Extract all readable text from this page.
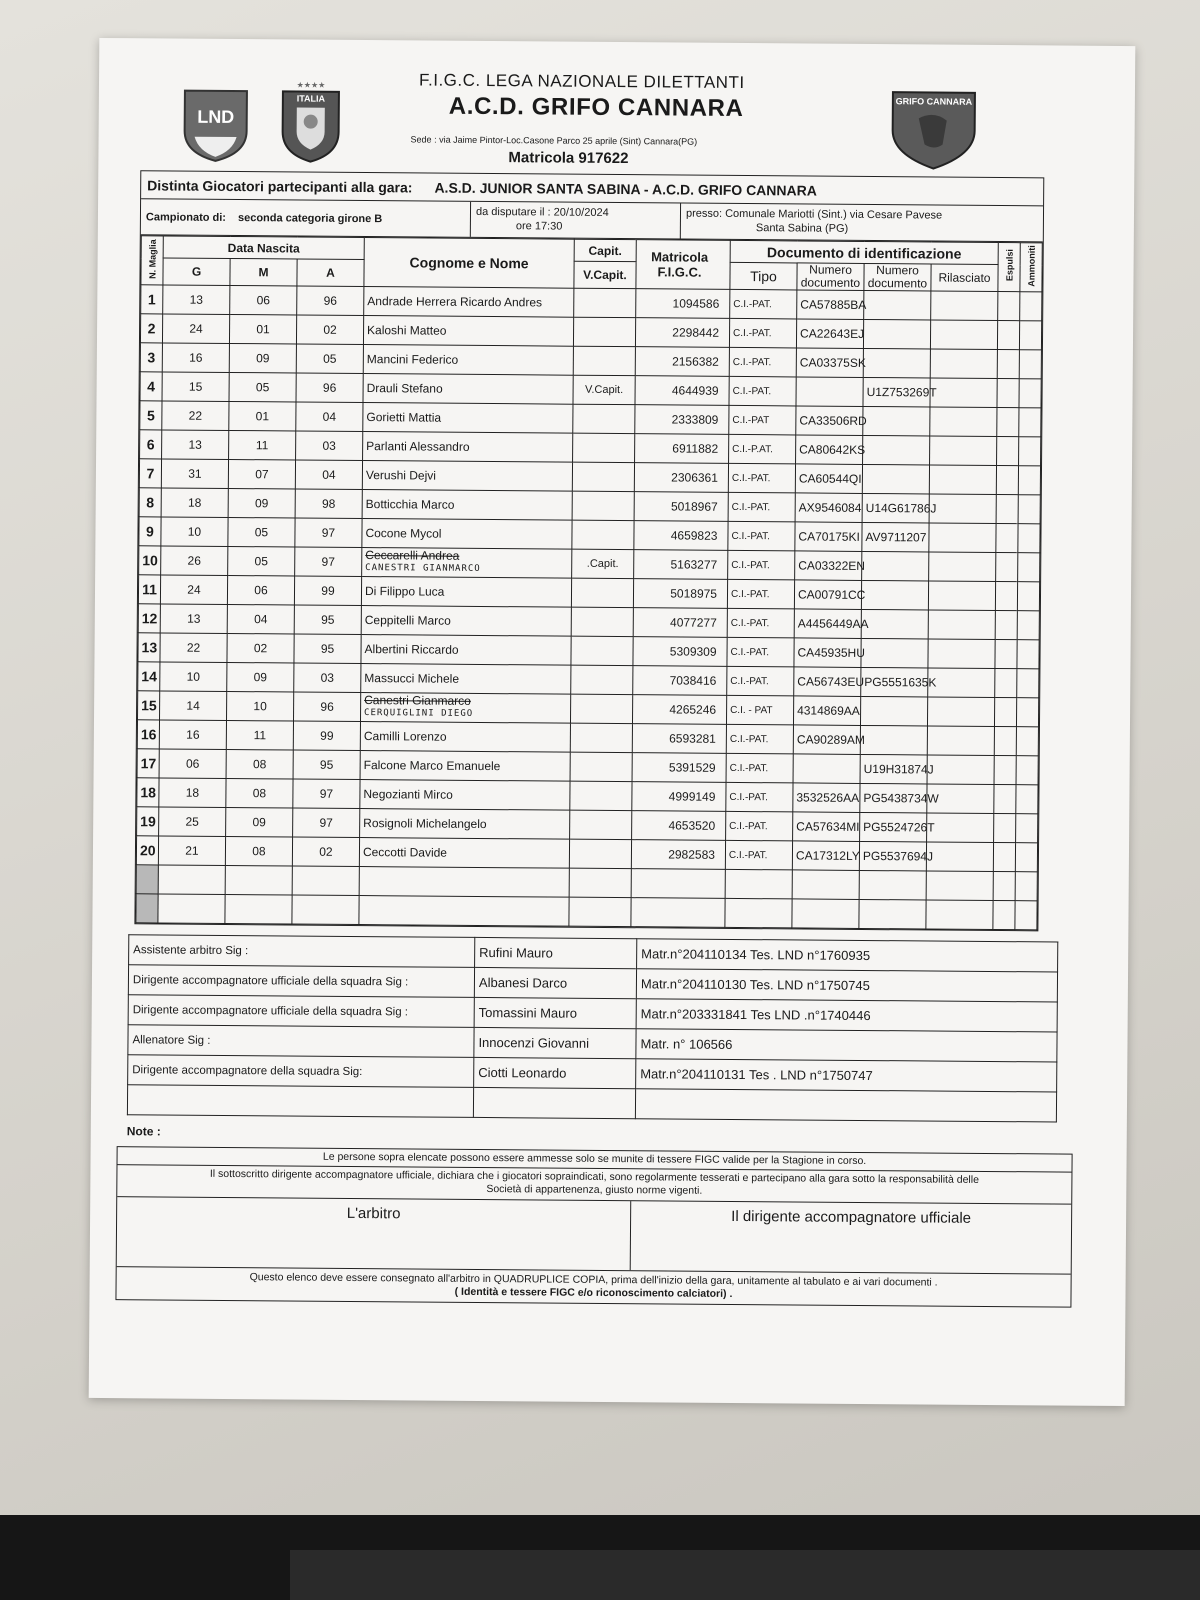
LND
ITALIA
★★★★
GRIFO CANNARA
F.I.G.C. LEGA NAZIONALE DILETTANTI
A.C.D. GRIFO CANNARA
Sede : via Jaime Pintor-Loc.Casone Parco 25 aprile (Sint) Cannara(PG)
Matricola 917622
Distinta Giocatori partecipanti alla gara: A.S.D. JUNIOR SANTA SABINA - A.C.D. GRIFO CANNARA
Campionato di: seconda categoria girone B	da disputare il : 20/10/2024
ore 17:30
presso: Comunale Mariotti (Sint.) via Cesare Pavese
Santa Sabina (PG)
N. Maglia	Data Nascita			Cognome e Nome	Capit.	Matricola F.I.G.C.	Documento di identificazione				Espulsi	Ammoniti
	G	M	A		V.Capit.		Tipo	Numero documento	Numero documento	Rilasciato		
1	13	06	96	Andrade Herrera Ricardo Andres		1094586	C.I.-PAT.	CA57885BA				
2	24	01	02	Kaloshi Matteo		2298442	C.I.-PAT.	CA22643EJ				
3	16	09	05	Mancini Federico		2156382	C.I.-PAT.	CA03375SK				
4	15	05	96	Drauli Stefano	V.Capit.	4644939	C.I.-PAT.		U1Z753269T			
5	22	01	04	Gorietti Mattia		2333809	C.I.-PAT	CA33506RD				
6	13	11	03	Parlanti Alessandro		6911882	C.I.-P.AT.	CA80642KS				
7	31	07	04	Verushi Dejvi		2306361	C.I.-PAT.	CA60544QI				
8	18	09	98	Botticchia Marco		5018967	C.I.-PAT.	AX9546084	U14G61786J			
9	10	05	97	Cocone Mycol		4659823	C.I.-PAT.	CA70175KI	AV9711207			
10	26	05	97	Ceccarelli Andrea
CANESTRI GIANMARCO	.Capit.	5163277	C.I.-PAT.	CA03322EN				
11	24	06	99	Di Filippo Luca		5018975	C.I.-PAT.	CA00791CC				
12	13	04	95	Ceppitelli Marco		4077277	C.I.-PAT.	A4456449AA				
13	22	02	95	Albertini Riccardo		5309309	C.I.-PAT.	CA45935HU				
14	10	09	03	Massucci Michele		7038416	C.I.-PAT.	CA56743EU	PG5551635K			
15	14	10	96	Canestri Gianmarco
CERQUIGLINI DIEGO		4265246	C.I. - PAT	4314869AA				
16	16	11	99	Camilli Lorenzo		6593281	C.I.-PAT.	CA90289AM				
17	06	08	95	Falcone Marco Emanuele		5391529	C.I.-PAT.		U19H31874J			
18	18	08	97	Negozianti Mirco		4999149	C.I.-PAT.	3532526AA	PG5438734W			
19	25	09	97	Rosignoli Michelangelo		4653520	C.I.-PAT.	CA57634MI	PG5524726T			
20	21	08	02	Ceccotti Davide		2982583	C.I.-PAT.	CA17312LY	PG5537694J			

Assistente arbitro Sig :	Rufini Mauro	Matr.n°204110134 Tes. LND n°1760935
Dirigente accompagnatore ufficiale della squadra Sig :	Albanesi Darco	Matr.n°204110130 Tes. LND n°1750745
Dirigente accompagnatore ufficiale della squadra Sig :	Tomassini Mauro	Matr.n°203331841 Tes LND .n°1740446
Allenatore Sig :	Innocenzi Giovanni	Matr. n° 106566
Dirigente accompagnatore della squadra Sig:	Ciotti Leonardo	Matr.n°204110131 Tes . LND n°1750747

Note :
Le persone sopra elencate possono essere ammesse solo se munite di tessere FIGC valide per la Stagione in corso.
Il sottoscritto dirigente accompagnatore ufficiale, dichiara che i giocatori sopraindicati, sono regolarmente tesserati e partecipano alla gara sotto la responsabilità delle
Società di appartenenza, giusto norme vigenti.
L'arbitro	Il dirigente accompagnatore ufficiale
Questo elenco deve essere consegnato all'arbitro in QUADRUPLICE COPIA, prima dell'inizio della gara, unitamente al tabulato e ai vari documenti .
( Identità e tessere FIGC e/o riconoscimento calciatori) .
